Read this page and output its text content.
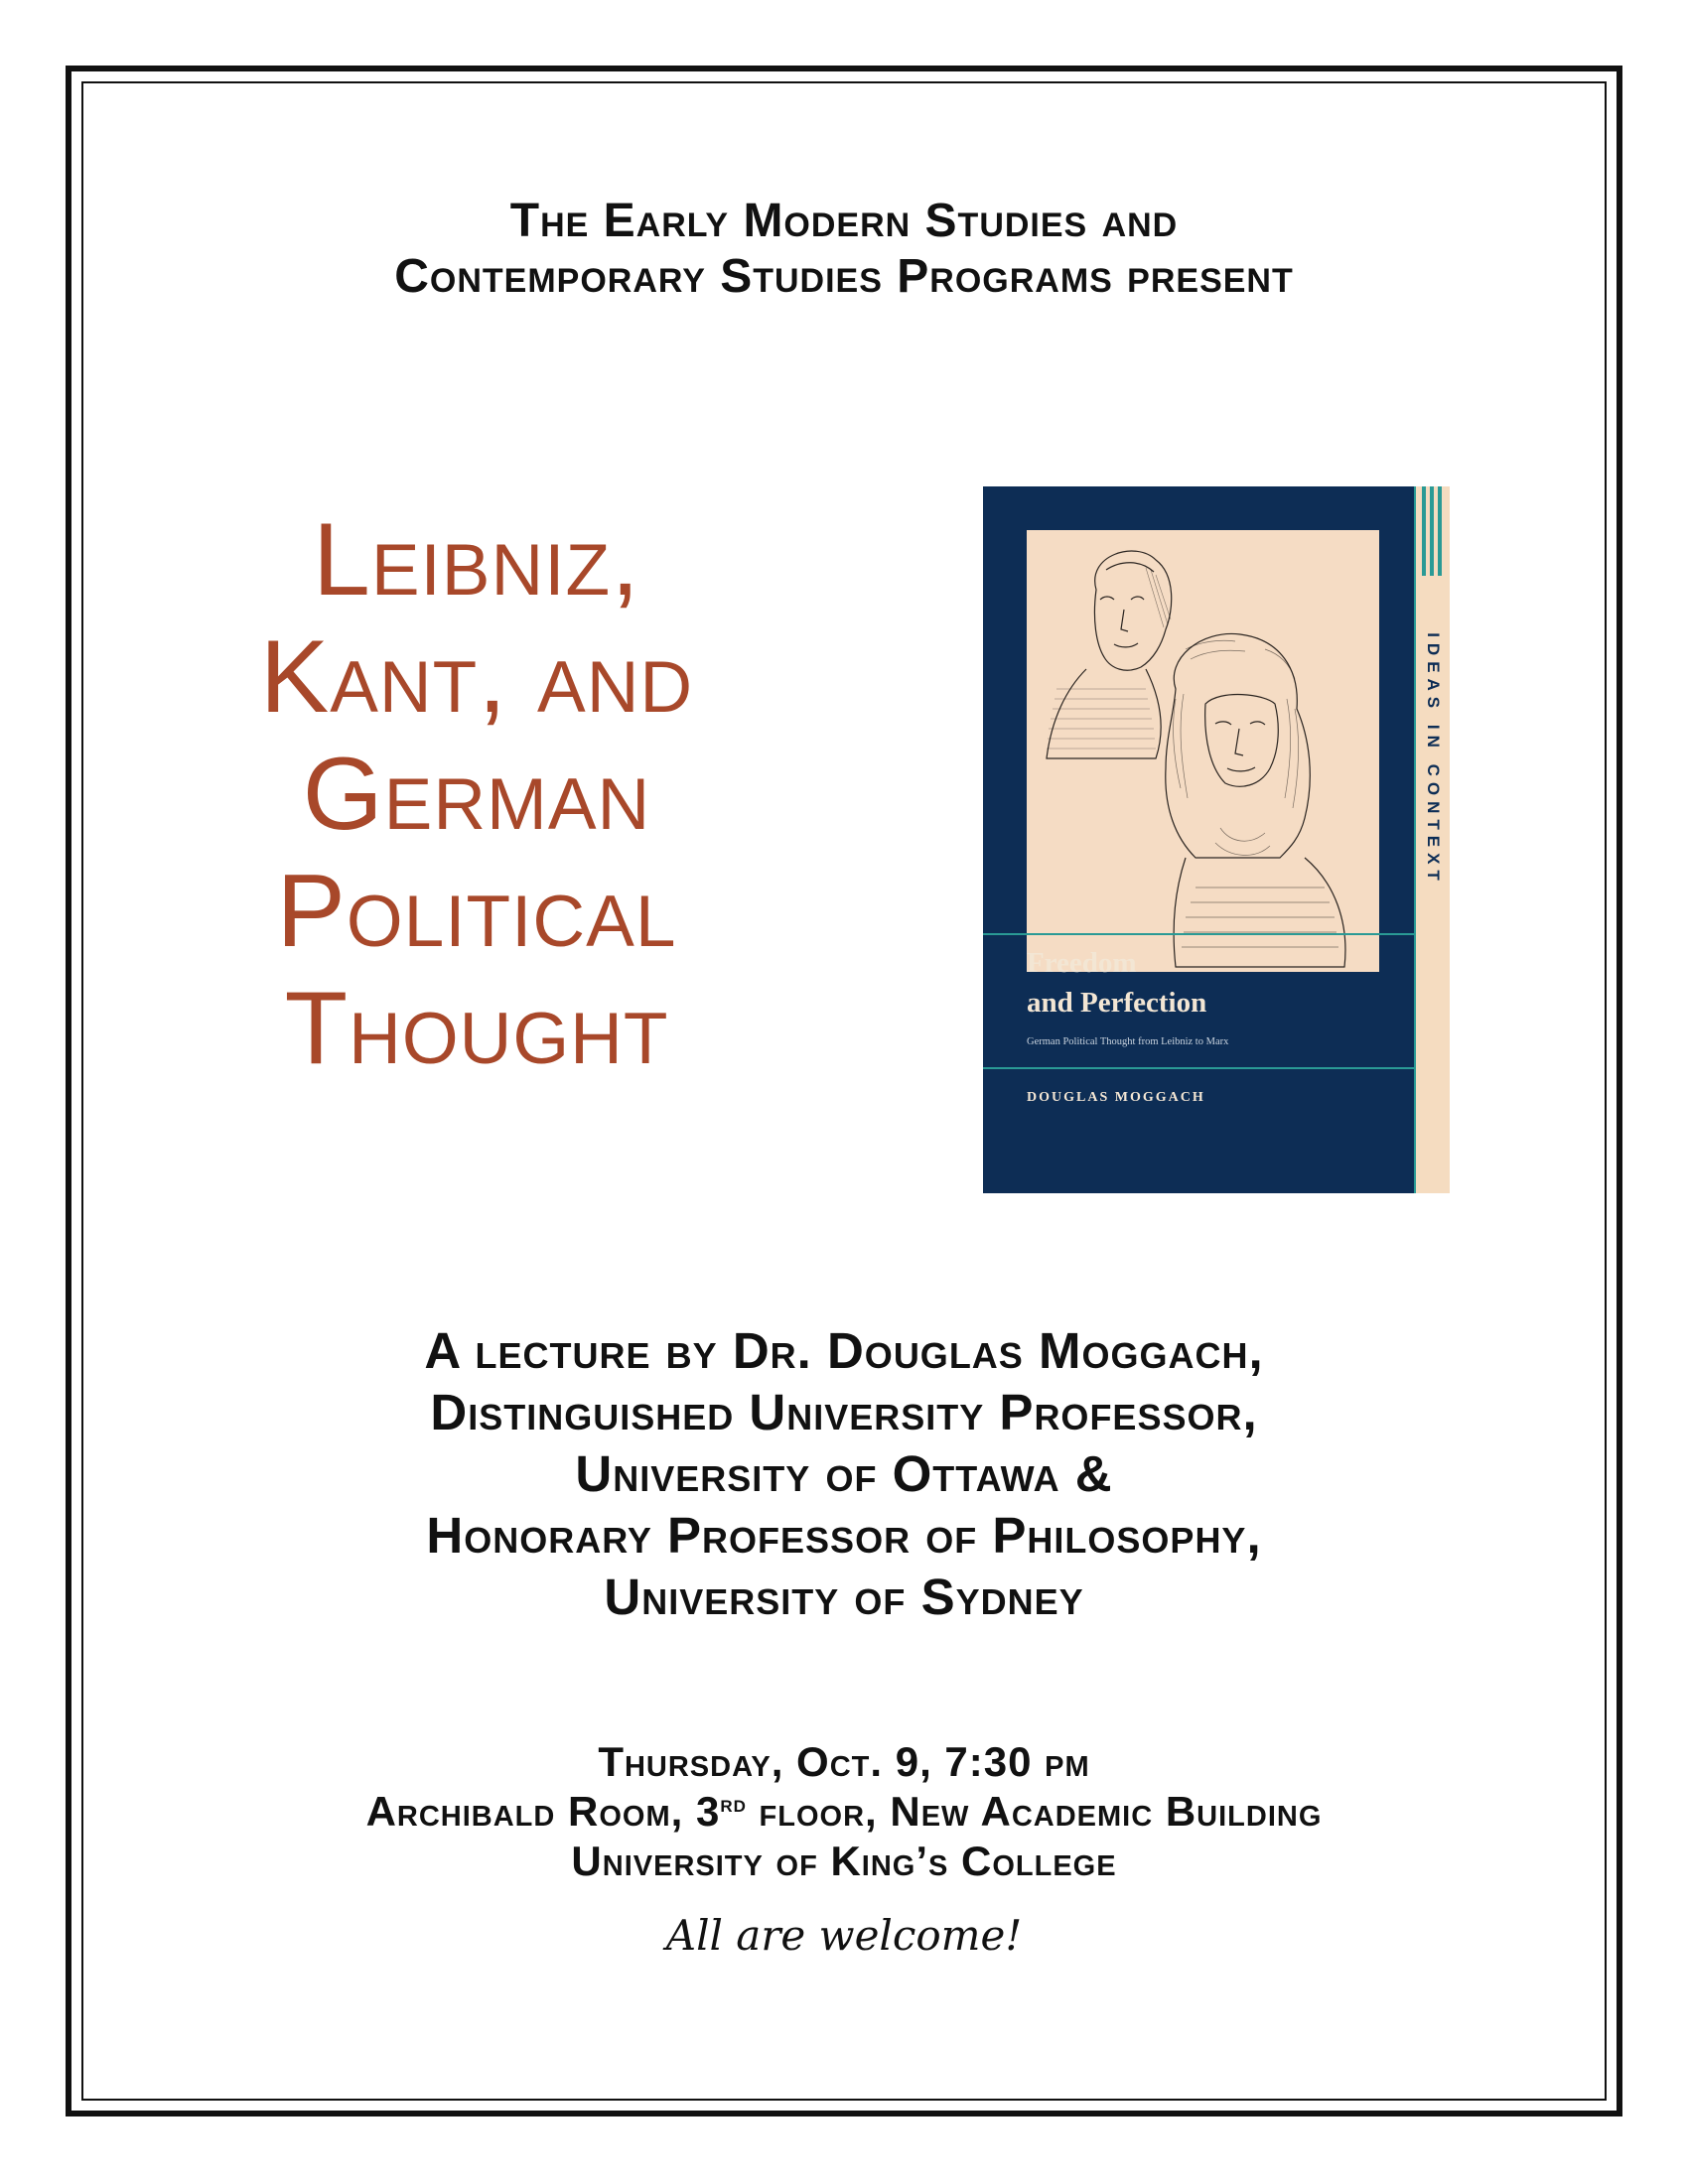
The Early Modern Studies and
Contemporary Studies Programs present
Leibniz,
Kant, and
German
Political
Thought
IDEAS IN CONTEXT
Freedom
and Perfection
German Political Thought from Leibniz to Marx
DOUGLAS MOGGACH
A lecture by Dr. Douglas Moggach,
Distinguished University Professor,
University of Ottawa &
Honorary Professor of Philosophy,
University of Sydney
Thursday, Oct. 9, 7:30 pm
Archibald Room, 3rd floor, New Academic Building
University of King’s College
All are welcome!
